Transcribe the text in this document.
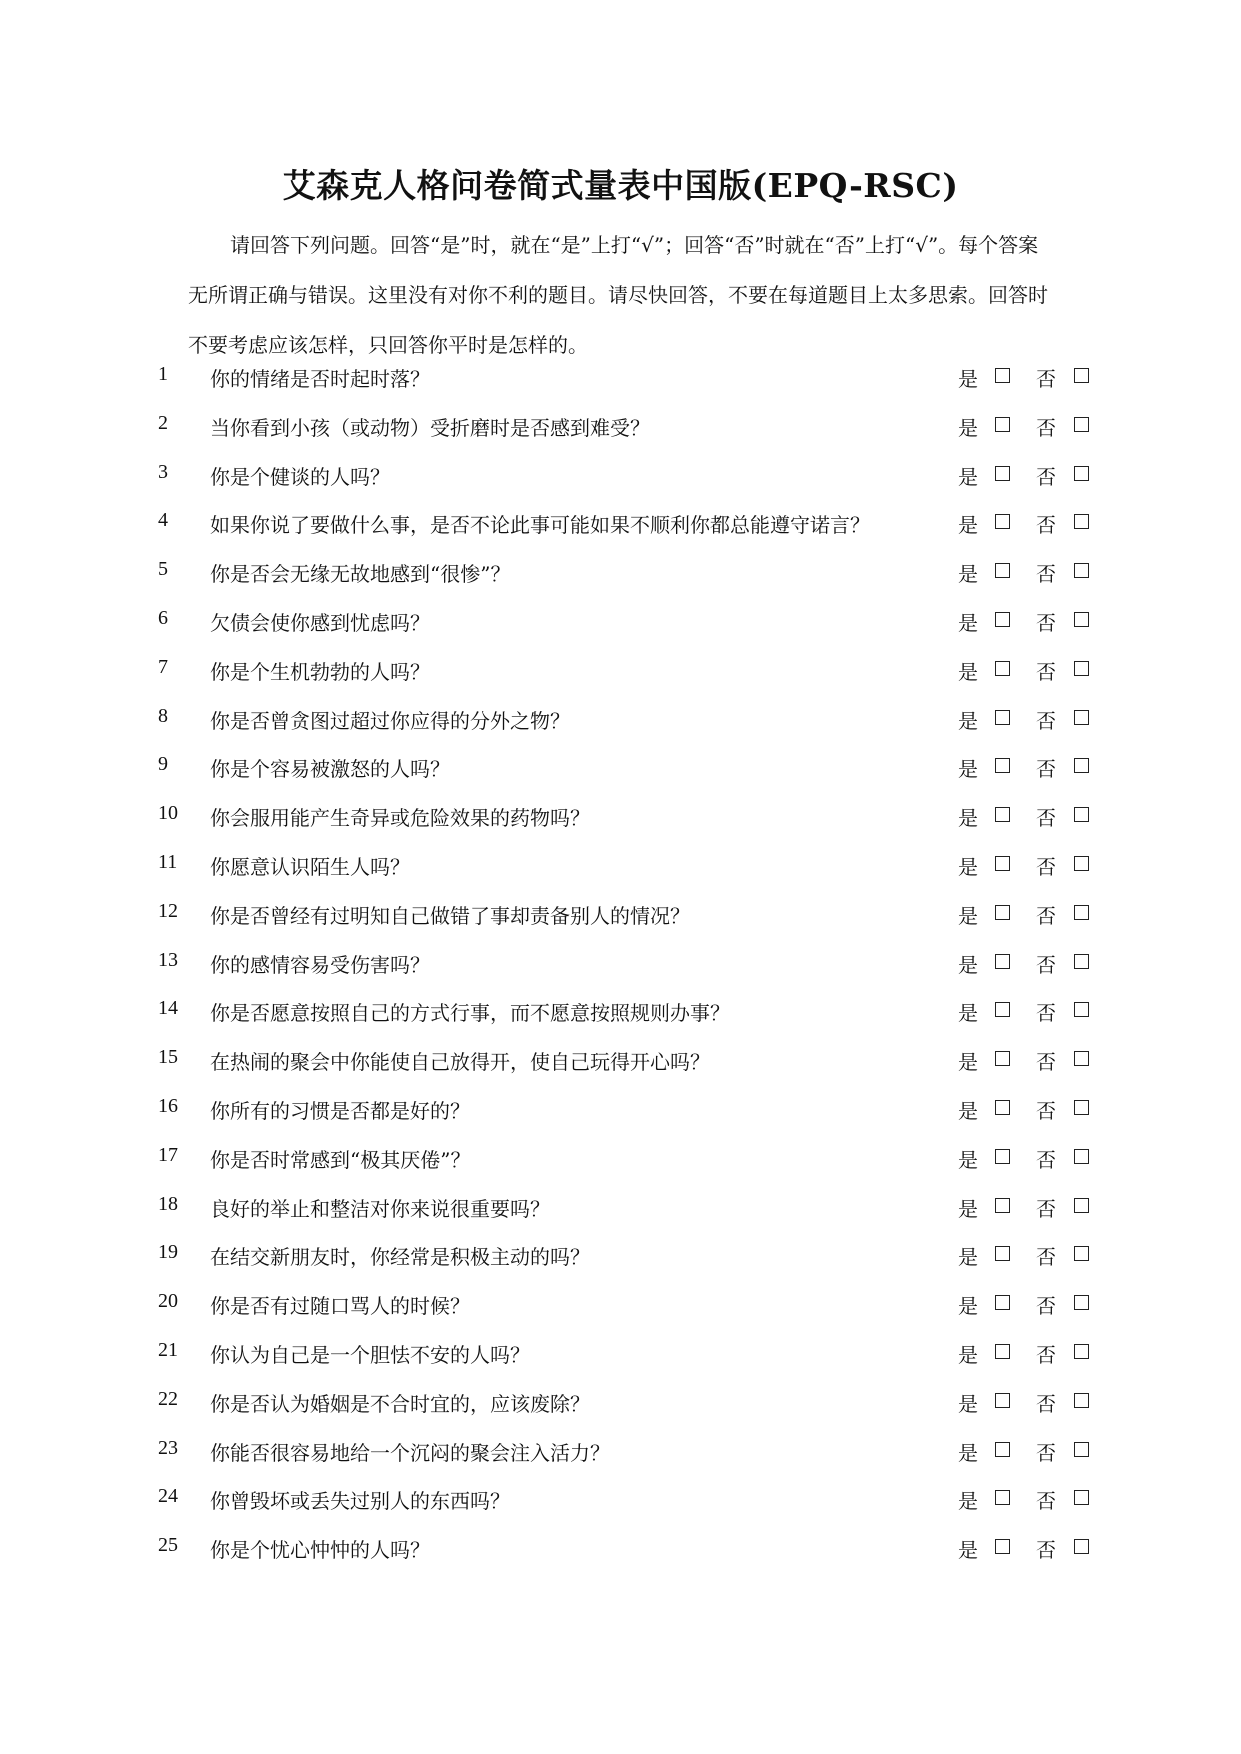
艾森克人格问卷简式量表中国版(EPQ-RSC)

请回答下列问题。回答“是”时，就在“是”上打“√”；回答“否”时就在“否”上打“√”。每个答案无所谓正确与错误。这里没有对你不利的题目。请尽快回答，不要在每道题目上太多思索。回答时不要考虑应该怎样，只回答你平时是怎样的。

1	你的情绪是否时起时落？	是	否
2	当你看到小孩（或动物）受折磨时是否感到难受？	是	否
3	你是个健谈的人吗？	是	否
4	如果你说了要做什么事，是否不论此事可能如果不顺利你都总能遵守诺言？	是	否
5	你是否会无缘无故地感到“很惨”？	是	否
6	欠债会使你感到忧虑吗？	是	否
7	你是个生机勃勃的人吗？	是	否
8	你是否曾贪图过超过你应得的分外之物？	是	否
9	你是个容易被激怒的人吗？	是	否
10	你会服用能产生奇异或危险效果的药物吗？	是	否
11	你愿意认识陌生人吗？	是	否
12	你是否曾经有过明知自己做错了事却责备别人的情况？	是	否
13	你的感情容易受伤害吗？	是	否
14	你是否愿意按照自己的方式行事，而不愿意按照规则办事？	是	否
15	在热闹的聚会中你能使自己放得开，使自己玩得开心吗？	是	否
16	你所有的习惯是否都是好的？	是	否
17	你是否时常感到“极其厌倦”？	是	否
18	良好的举止和整洁对你来说很重要吗？	是	否
19	在结交新朋友时，你经常是积极主动的吗？	是	否
20	你是否有过随口骂人的时候？	是	否
21	你认为自己是一个胆怯不安的人吗？	是	否
22	你是否认为婚姻是不合时宜的，应该废除？	是	否
23	你能否很容易地给一个沉闷的聚会注入活力？	是	否
24	你曾毁坏或丢失过别人的东西吗？	是	否
25	你是个忧心忡忡的人吗？	是	否
